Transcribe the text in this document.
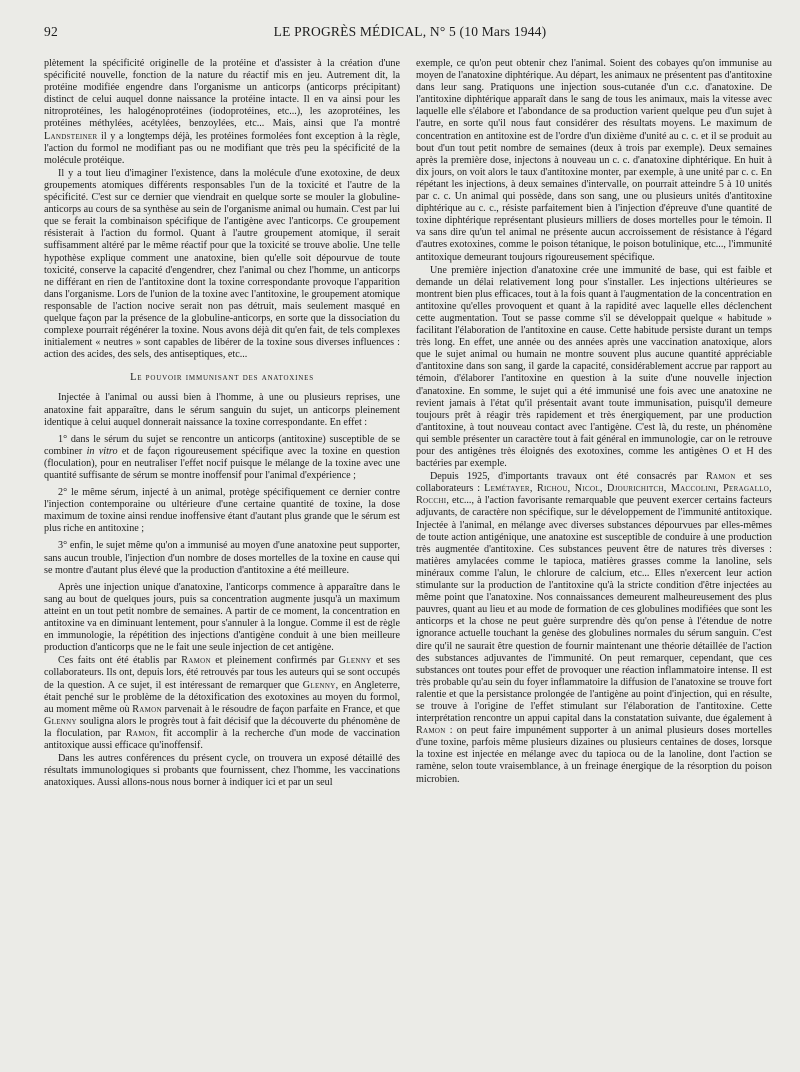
92	LE PROGRÈS MÉDICAL, N° 5 (10 Mars 1944)

plètement la spécificité originelle de la protéine et d'assister à la création d'une spécificité nouvelle, fonction de la nature du réactif mis en jeu. Autrement dit, la protéine modifiée engendre dans l'organisme un anticorps (anticorps précipitant) distinct de celui auquel donne naissance la protéine intacte. Il en va ainsi pour les nitroprotéines, les halogénoprotéines (iodoprotéines, etc...), les azoprotéines, les protéines méthylées, acétylées, benzoylées, etc... Mais, ainsi que l'a montré Landsteiner il y a longtemps déjà, les protéines formolées font exception à la règle, l'action du formol ne modifiant pas ou ne modifiant que très peu la spécificité de la molécule protéique.

Il y a tout lieu d'imaginer l'existence, dans la molécule d'une exotoxine, de deux groupements atomiques différents responsables l'un de la toxicité et l'autre de la spécificité. C'est sur ce dernier que viendrait en quelque sorte se mouler la globuline-anticorps au cours de sa synthèse au sein de l'organisme animal ou humain. C'est par lui que se ferait la combinaison spécifique de l'antigène avec l'anticorps. Ce groupement résisterait à l'action du formol. Quant à l'autre groupement atomique, il serait suffisamment altéré par le même réactif pour que la toxicité se trouve abolie. Une telle hypothèse explique comment une anatoxine, bien qu'elle soit dépourvue de toute toxicité, conserve la capacité d'engendrer, chez l'animal ou chez l'homme, un anticorps ne différant en rien de l'antitoxine dont la toxine correspondante provoque l'apparition dans l'organisme. Lors de l'union de la toxine avec l'antitoxine, le groupement atomique responsable de l'action nocive serait non pas détruit, mais seulement masqué en quelque façon par la présence de la globuline-anticorps, en sorte que la dissociation du complexe pourrait régénérer la toxine. Nous avons déjà dit qu'en fait, de tels complexes initialement « neutres » sont capables de libérer de la toxine sous diverses influences : action des acides, des sels, des antiseptiques, etc...

Le pouvoir immunisant des anatoxines

Injectée à l'animal ou aussi bien à l'homme, à une ou plusieurs reprises, une anatoxine fait apparaître, dans le sérum sanguin du sujet, un anticorps pleinement identique à celui auquel donnerait naissance la toxine correspondante. En effet :

1° dans le sérum du sujet se rencontre un anticorps (antitoxine) susceptible de se combiner in vitro et de façon rigoureusement spécifique avec la toxine en question (floculation), pour en neutraliser l'effet nocif puisque le mélange de la toxine avec une quantité suffisante de sérum se montre inoffensif pour l'animal d'expérience ;

2° le même sérum, injecté à un animal, protège spécifiquement ce dernier contre l'injection contemporaine ou ultérieure d'une certaine quantité de toxine, la dose maximum de toxine ainsi rendue inoffensive étant d'autant plus grande que le sérum est plus riche en antitoxine ;

3° enfin, le sujet même qu'on a immunisé au moyen d'une anatoxine peut supporter, sans aucun trouble, l'injection d'un nombre de doses mortelles de la toxine en cause qui se montre d'autant plus élevé que la production d'antitoxine a été meilleure.

Après une injection unique d'anatoxine, l'anticorps commence à apparaître dans le sang au bout de quelques jours, puis sa concentration augmente jusqu'à un maximum atteint en un tout petit nombre de semaines. A partir de ce moment, la concentration en antitoxine va en diminuant lentement, pour s'annuler à la longue. Comme il est de règle en immunologie, la répétition des injections d'antigène conduit à une bien meilleure production d'anticorps que ne le fait une seule injection de cet antigène.

Ces faits ont été établis par Ramon et pleinement confirmés par Glenny et ses collaborateurs. Ils ont, depuis lors, été retrouvés par tous les auteurs qui se sont occupés de la question. A ce sujet, il est intéressant de remarquer que Glenny, en Angleterre, était penché sur le problème de la détoxification des exotoxines au moyen du formol, au moment même où Ramon parvenait à le résoudre de façon parfaite en France, et que Glenny souligna alors le progrès tout à fait décisif que la découverte du phénomène de la floculation, par Ramon, fit accomplir à la recherche d'un mode de vaccination antitoxique aussi efficace qu'inoffensif.

Dans les autres conférences du présent cycle, on trouvera un exposé détaillé des résultats immunologiques si probants que fournissent, chez l'homme, les vaccinations anatoxiques. Aussi allons-nous nous borner à indiquer ici et par un seul

exemple, ce qu'on peut obtenir chez l'animal. Soient des cobayes qu'on immunise au moyen de l'anatoxine diphtérique. Au départ, les animaux ne présentent pas d'antitoxine dans leur sang. Pratiquons une injection sous-cutanée d'un c.c. d'anatoxine. De l'antitoxine diphtérique apparaît dans le sang de tous les animaux, mais la vitesse avec laquelle elle s'élabore et l'abondance de sa production varient quelque peu d'un sujet à l'autre, en sorte qu'il nous faut considérer des résultats moyens. Le maximum de concentration en antitoxine est de l'ordre d'un dixième d'unité au c. c. et il se produit au bout d'un tout petit nombre de semaines (deux à trois par exemple). Deux semaines après la première dose, injectons à nouveau un c. c. d'anatoxine diphtérique. En huit à dix jours, on voit alors le taux d'antitoxine monter, par exemple, à une unité par c. c. En répétant les injections, à deux semaines d'intervalle, on pourrait atteindre 5 à 10 unités par c. c. Un animal qui possède, dans son sang, une ou plusieurs unités d'antitoxine diphtérique au c. c., résiste parfaitement bien à l'injection d'épreuve d'une quantité de toxine diphtérique représentant plusieurs milliers de doses mortelles pour le témoin. Il va sans dire qu'un tel animal ne présente aucun accroissement de résistance à l'égard d'autres exotoxines, comme le poison tétanique, le poison botulinique, etc..., l'immunité antitoxique demeurant toujours rigoureusement spécifique.

Une première injection d'anatoxine crée une immunité de base, qui est faible et demande un délai relativement long pour s'installer. Les injections ultérieures se montrent bien plus efficaces, tout à la fois quant à l'augmentation de la concentration en antitoxine qu'elles provoquent et quant à la rapidité avec laquelle elles déclenchent cette augmentation. Tout se passe comme s'il se développait quelque « habitude » facilitant l'élaboration de l'antitoxine en cause. Cette habitude persiste durant un temps très long. En effet, une année ou des années après une vaccination anatoxique, alors que le sujet animal ou humain ne montre souvent plus aucune quantité appréciable d'antitoxine dans son sang, il garde la capacité, considérablement accrue par rapport au témoin, d'élaborer l'antitoxine en question à la suite d'une nouvelle injection d'anatoxine. En somme, le sujet qui a été immunisé une fois avec une anatoxine ne revient jamais à l'état qu'il présentait avant toute immunisation, puisqu'il demeure toujours prêt à réagir très rapidement et très énergiquement, par une production d'antitoxine, à tout nouveau contact avec l'antigène. C'est là, du reste, un phénomène qui semble présenter un caractère tout à fait général en immunologie, car on le retrouve pour des antigènes très éloignés des exotoxines, comme les antigènes O et H des bactéries par exemple.

Depuis 1925, d'importants travaux ont été consacrés par Ramon et ses collaborateurs : Lemétayer, Richou, Nicol, Djourichitch, Maccolini, Peragallo, Rocchi, etc..., à l'action favorisante remarquable que peuvent exercer certains facteurs adjuvants, de caractère non spécifique, sur le développement de l'immunité antitoxique. Injectée à l'animal, en mélange avec diverses substances dépourvues par elles-mêmes de toute action antigénique, une anatoxine est susceptible de conduire à une production très augmentée d'antitoxine. Ces substances peuvent être de natures très diverses : matières amylacées comme le tapioca, matières grasses comme la lanoline, sels minéraux comme l'alun, le chlorure de calcium, etc... Elles n'exercent leur action stimulante sur la production de l'antitoxine qu'à la stricte condition d'être injectées au même point que l'anatoxine. Nos connaissances demeurent malheureusement des plus pauvres, quant au lieu et au mode de formation de ces globulines modifiées que sont les anticorps et la chose ne peut guère surprendre dès qu'on pense à l'étendue de notre ignorance actuelle touchant la genèse des globulines normales du sérum sanguin. C'est dire qu'il ne saurait être question de fournir maintenant une théorie détaillée de l'action des substances adjuvantes de l'immunité. On peut remarquer, cependant, que ces substances ont toutes pour effet de provoquer une réaction inflammatoire intense. Il est très probable qu'au sein du foyer inflammatoire la diffusion de l'anatoxine se trouve fort ralentie et que la persistance prolongée de l'antigène au point d'injection, qui en résulte, se trouve à l'origine de l'effet stimulant sur l'élaboration de l'antitoxine. Cette interprétation rencontre un appui capital dans la constatation suivante, due également à Ramon : on peut faire impunément supporter à un animal plusieurs doses mortelles d'une toxine, parfois même plusieurs dizaines ou plusieurs centaines de doses, lorsque la toxine est injectée en mélange avec du tapioca ou de la lanoline, dont l'action se ramène, selon toute vraisemblance, à un freinage énergique de la résorption du poison microbien.
